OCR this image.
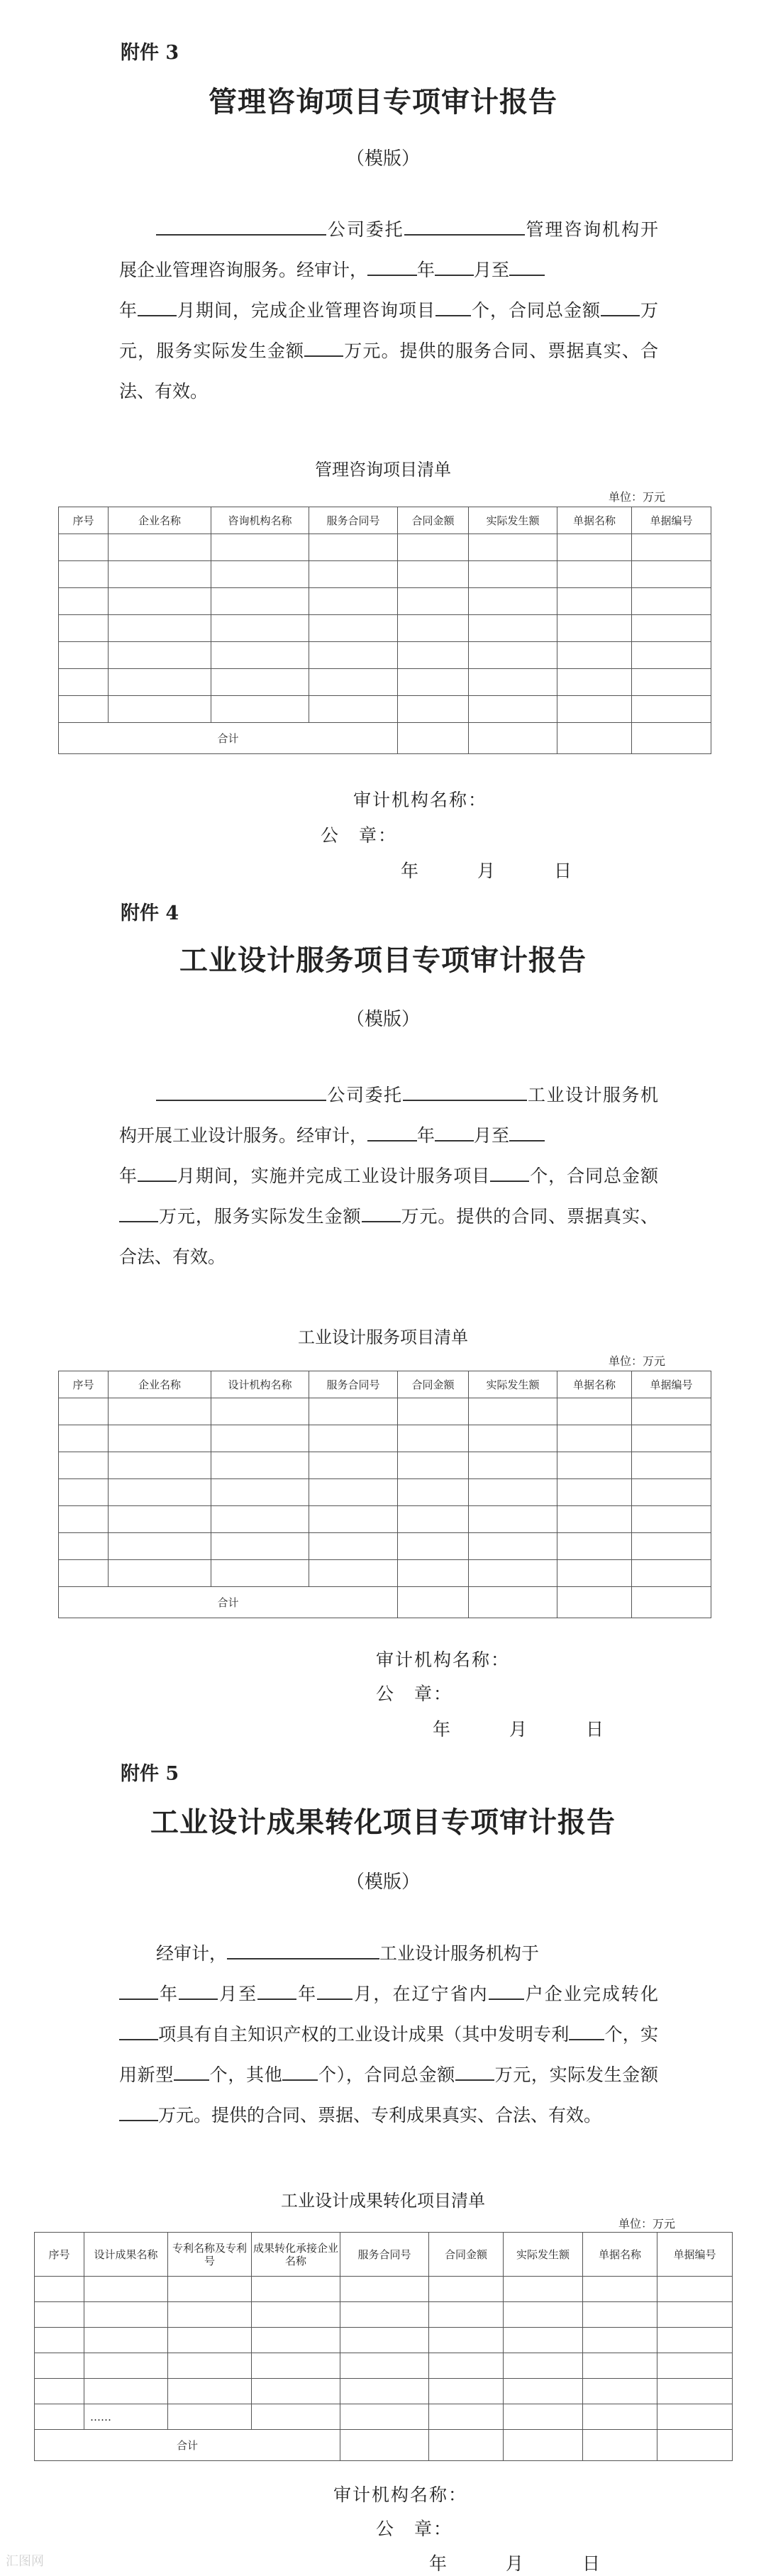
附件 3
管理咨询项目专项审计报告
（模版）
公司委托	管理咨询机构开展企业管理咨询服务。经审计，	年 月至
年 月期间，完成企业管理咨询项目 个，合同总金额 万元，服务实际发生金额 万元。提供的服务合同、票据真实、合法、有效。
管理咨询项目清单
单位：万元
序号	企业名称	咨询机构名称	服务合同号	合同金额	实际发生额	单据名称	单据编号

合计							
审计机构名称：
公　章：
年　　　月　　　日
附件 4
工业设计服务项目专项审计报告
（模版）
公司委托	工业设计服务机构开展工业设计服务。经审计，	年 月至
年 月期间，实施并完成工业设计服务项目 个，合同总金额万元，服务实际发生金额 万元。提供的合同、票据真实、合法、有效。
工业设计服务项目清单
单位：万元
序号	企业名称	设计机构名称	服务合同号	合同金额	实际发生额	单据名称	单据编号

合计							
审计机构名称：
公　章：
年　　　月　　　日
附件 5
工业设计成果转化项目专项审计报告
（模版）
经审计，	工业设计服务机构于
年 月至 年 月，在辽宁省内 户企业完成转化项具有自主知识产权的工业设计成果（其中发明专利 个，实用新型 个，其他 个），合同总金额 万元，实际发生金额万元。提供的合同、票据、专利成果真实、合法、有效。
工业设计成果转化项目清单
单位：万元
序号	设计成果名称	专利名称及专利号	成果转化承接企业名称	服务合同号	合同金额	实际发生额	单据名称	单据编号

	……							
合计								
审计机构名称：
公　章：
年　　　月　　　日
汇图网
